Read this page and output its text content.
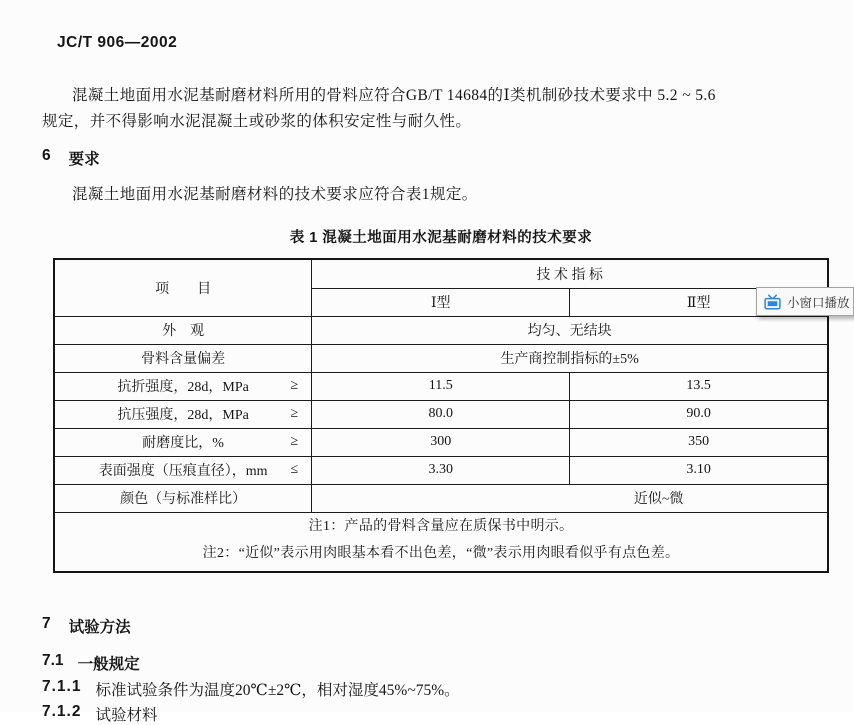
JC/T 906—2002
混凝土地面用水泥基耐磨材料所用的骨料应符合GB/T 14684的Ⅰ类机制砂技术要求中 5.2 ~ 5.6
规定，并不得影响水泥混凝土或砂浆的体积安定性与耐久性。
6 要求
混凝土地面用水泥基耐磨材料的技术要求应符合表1规定。
表 1 混凝土地面用水泥基耐磨材料的技术要求
项　　目	技 术 指 标	
	Ⅰ型	Ⅱ型
外　观	均匀、无结块	
骨料含量偏差	生产商控制指标的±5%	
抗折强度，28d，MPa ≥	11.5	13.5
抗压强度，28d，MPa ≥	80.0	90.0
耐磨度比，% ≥	300	350
表面强度（压痕直径），mm ≤	3.30	3.10
颜色（与标准样比）	近似~微	

注1：产品的骨料含量应在质保书中明示。
注2：“近似”表示用肉眼基本看不出色差，“微”表示用肉眼看似乎有点色差。		
小窗口播放
7 试验方法
7.1 一般规定
7.1.1 标准试验条件为温度20℃±2℃，相对湿度45%~75%。
7.1.2 试验材料
